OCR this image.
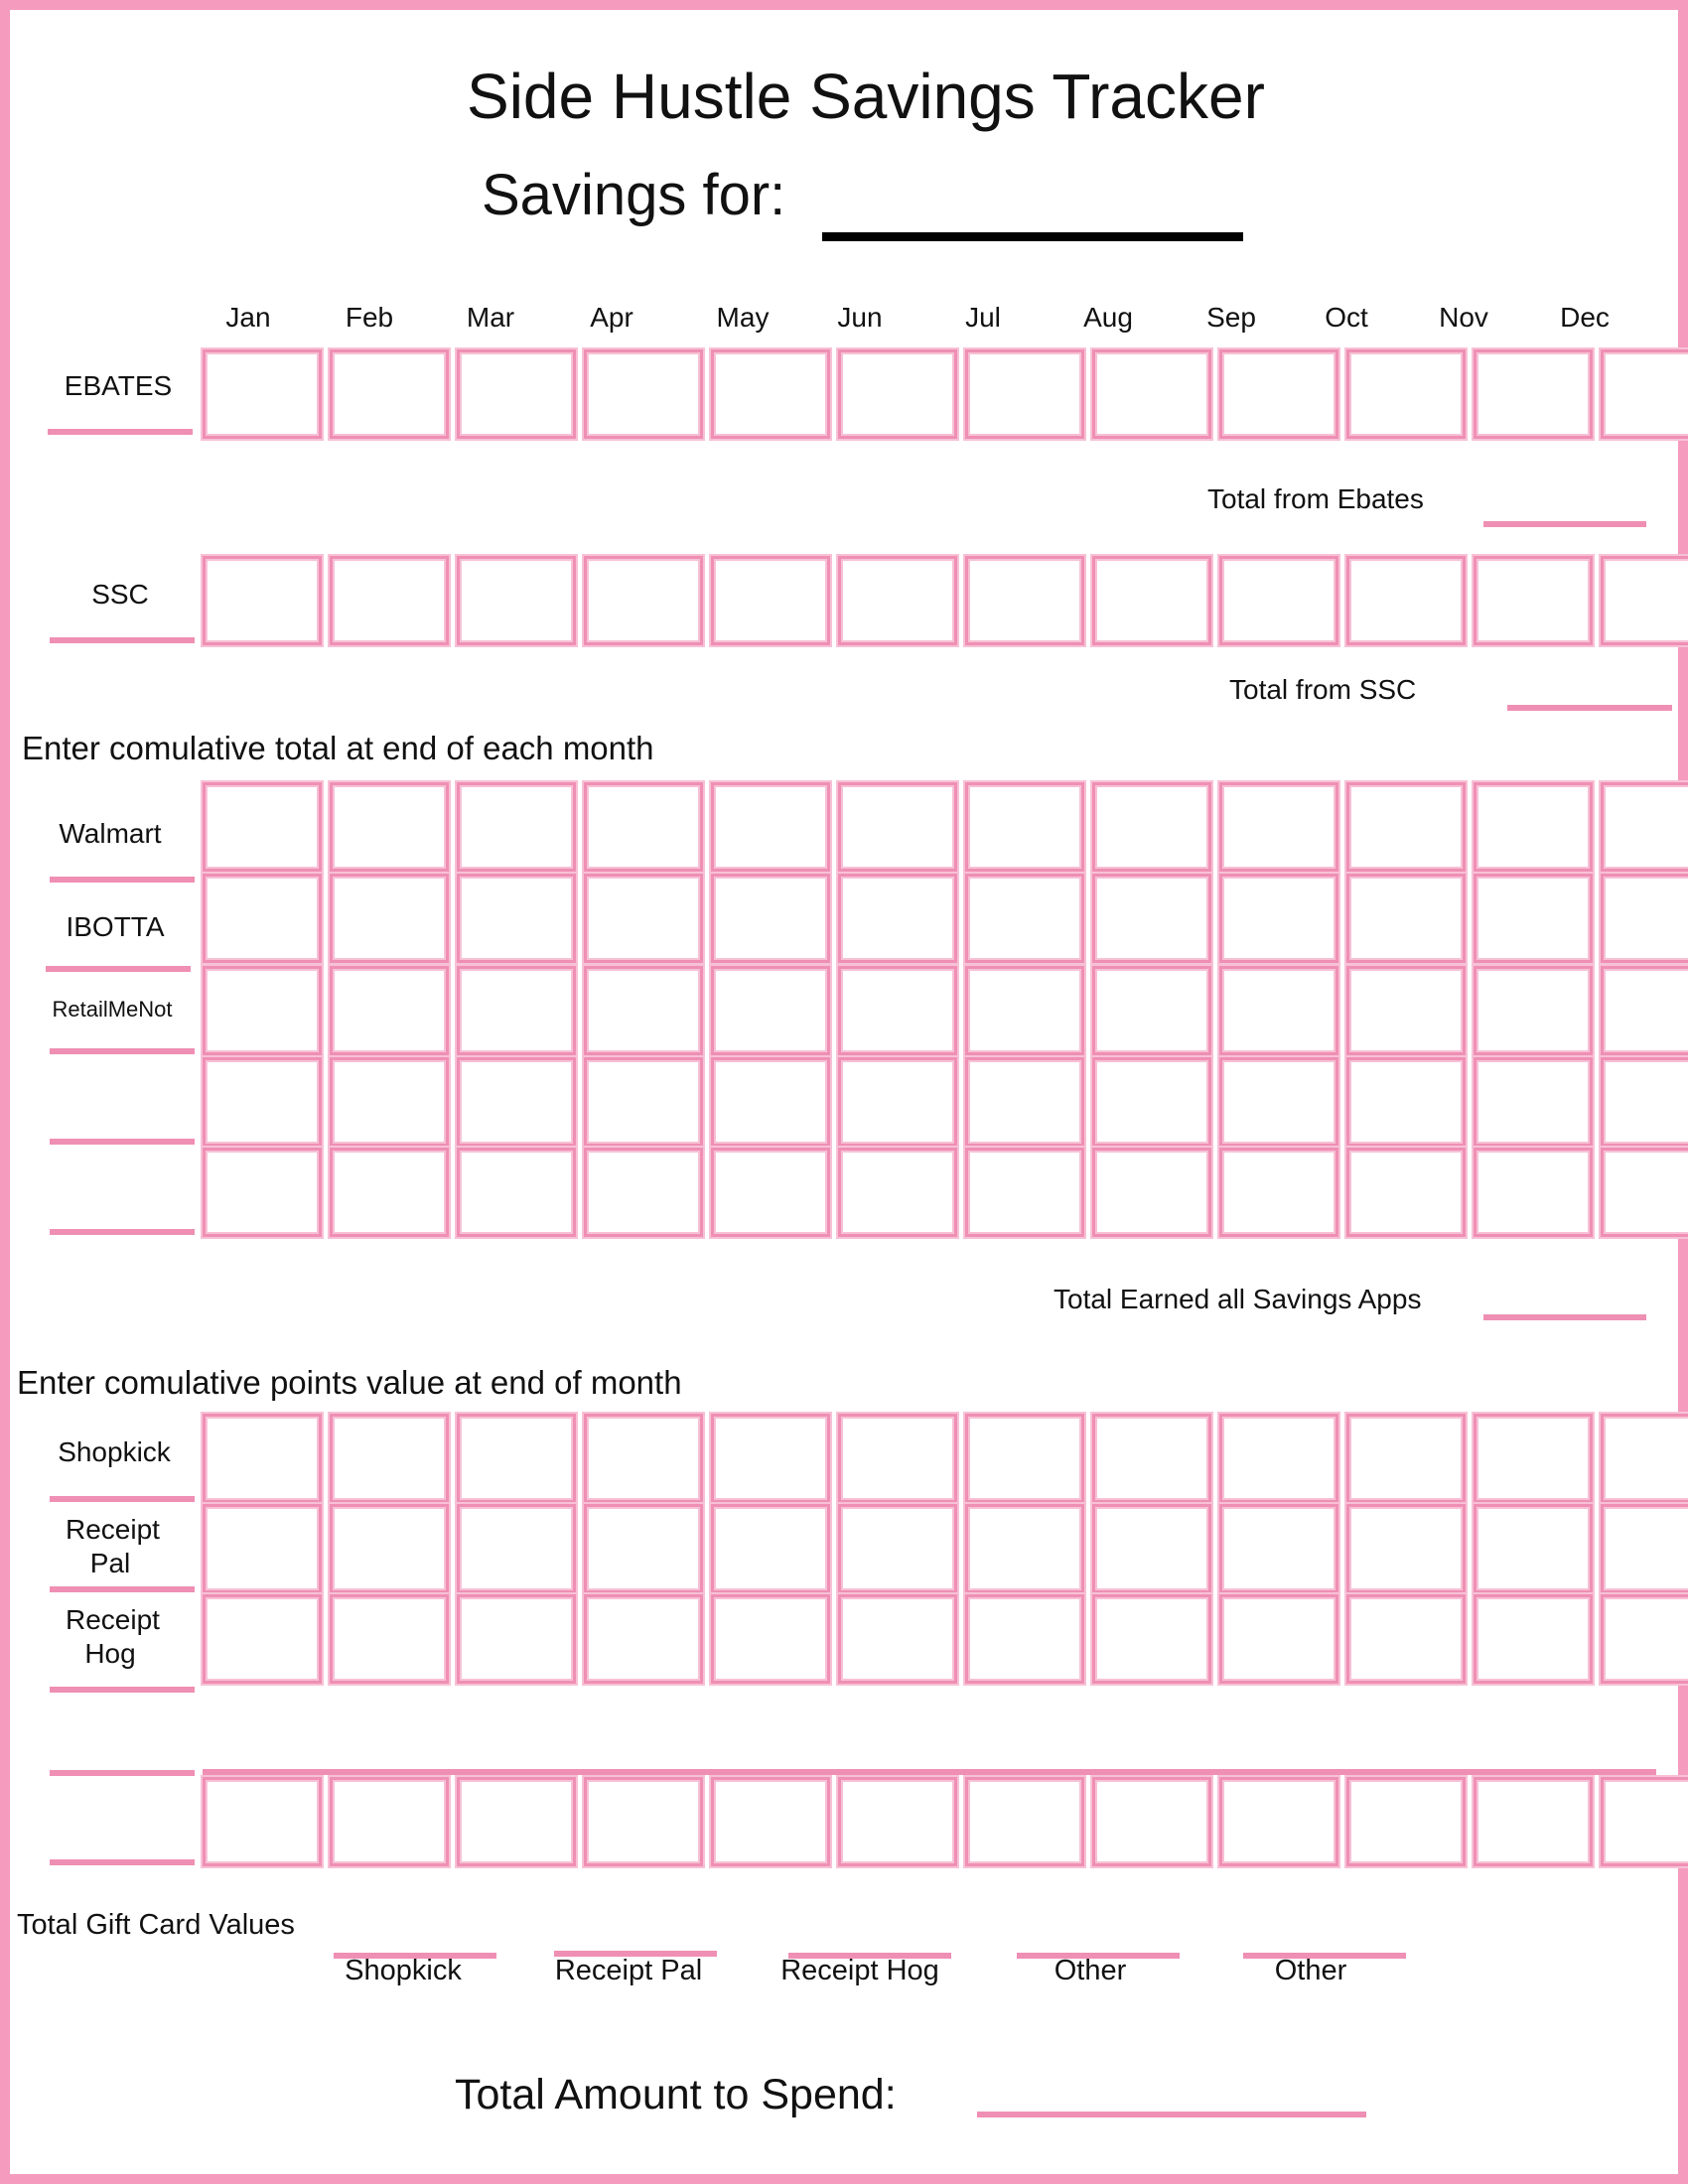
Side Hustle Savings Tracker
Savings for:
Jan	Feb	Mar	Apr	May	Jun	Jul	Aug	Sep	Oct	Nov	Dec
EBATES
Total from Ebates
SSC
Total from SSC
Enter comulative total at end of each month
Walmart
IBOTTA
RetailMeNot
Total Earned all Savings Apps
Enter comulative points value at end of month
Shopkick
Receipt Pal
Receipt Hog
Total Gift Card Values
Shopkick	Receipt Pal	Receipt Hog	Other	Other
Total Amount to Spend:
